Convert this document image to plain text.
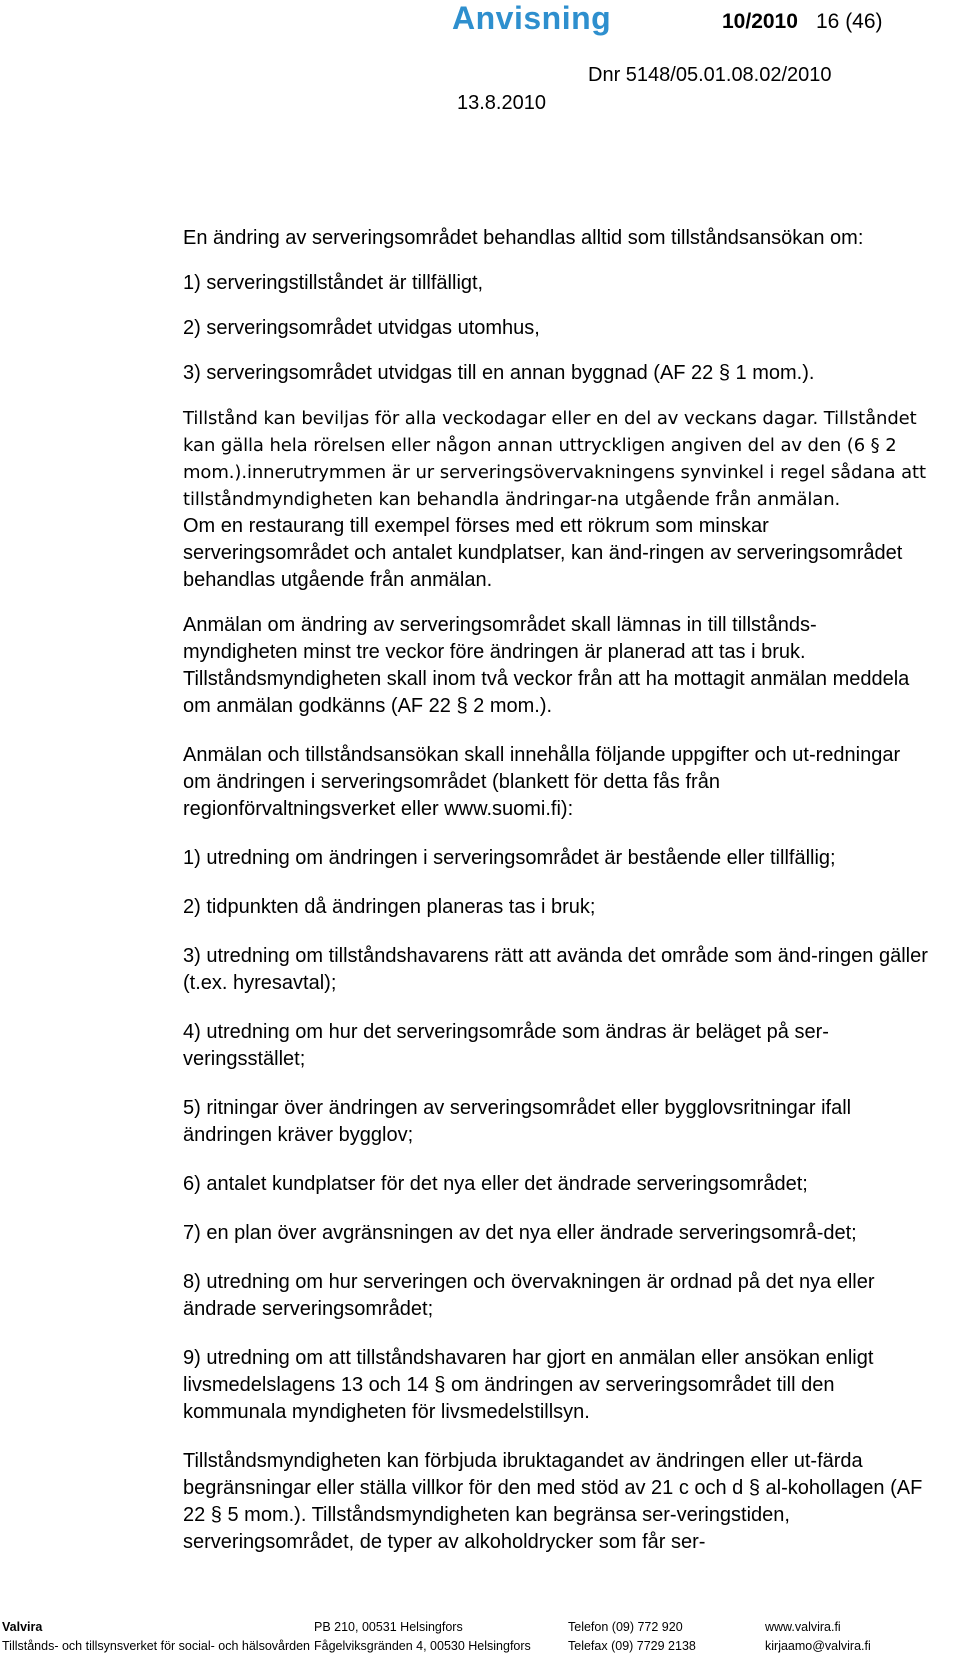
Anvisning	10/2010 16 (46)
Dnr 5148/05.01.08.02/2010
13.8.2010

En ändring av serveringsområdet behandlas alltid som tillståndsansökan om:

1) serveringstillståndet är tillfälligt,

2) serveringsområdet utvidgas utomhus,

3) serveringsområdet utvidgas till en annan byggnad (AF 22 § 1 mom.).

Tillstånd kan beviljas för alla veckodagar eller en del av veckans dagar. Tillståndet kan gälla hela rörelsen eller någon annan uttryckligen angiven del av den (6 § 2 mom.).innerutrymmen är ur serveringsövervakningens synvinkel i regel sådana att tillståndmyndigheten kan behandla ändringar-na utgående från anmälan.

Om en restaurang till exempel förses med ett rökrum som minskar serveringsområdet och antalet kundplatser, kan änd-ringen av serveringsområdet behandlas utgående från anmälan.

Anmälan om ändring av serveringsområdet skall lämnas in till tillstånds-myndigheten minst tre veckor före ändringen är planerad att tas i bruk. Tillståndsmyndigheten skall inom två veckor från att ha mottagit anmälan meddela om anmälan godkänns (AF 22 § 2 mom.).

Anmälan och tillståndsansökan skall innehålla följande uppgifter och ut-redningar om ändringen i serveringsområdet (blankett för detta fås från regionförvaltningsverket eller www.suomi.fi):

1) utredning om ändringen i serveringsområdet är bestående eller tillfällig;

2) tidpunkten då ändringen planeras tas i bruk;

3) utredning om tillståndshavarens rätt att avända det område som änd-ringen gäller (t.ex. hyresavtal);

4) utredning om hur det serveringsområde som ändras är beläget på ser-veringsstället;

5) ritningar över ändringen av serveringsområdet eller bygglovsritningar ifall ändringen kräver bygglov;

6) antalet kundplatser för det nya eller det ändrade serveringsområdet;

7) en plan över avgränsningen av det nya eller ändrade serveringsområ-det;

8) utredning om hur serveringen och övervakningen är ordnad på det nya eller ändrade serveringsområdet;

9) utredning om att tillståndshavaren har gjort en anmälan eller ansökan enligt livsmedelslagens 13 och 14 § om ändringen av serveringsområdet till den kommunala myndigheten för livsmedelstillsyn.

Tillståndsmyndigheten kan förbjuda ibruktagandet av ändringen eller ut-färda begränsningar eller ställa villkor för den med stöd av 21 c och d § al-kohollagen (AF 22 § 5 mom.). Tillståndsmyndigheten kan begränsa ser-veringstiden, serveringsområdet, de typer av alkoholdrycker som får ser-

Valvira
Tillstånds- och tillsynsverket för social- och hälsovården
PB 210, 00531 Helsingfors
Fågelviksgränden 4, 00530 Helsingfors
Telefon (09) 772 920
Telefax (09) 7729 2138
www.valvira.fi
kirjaamo@valvira.fi
